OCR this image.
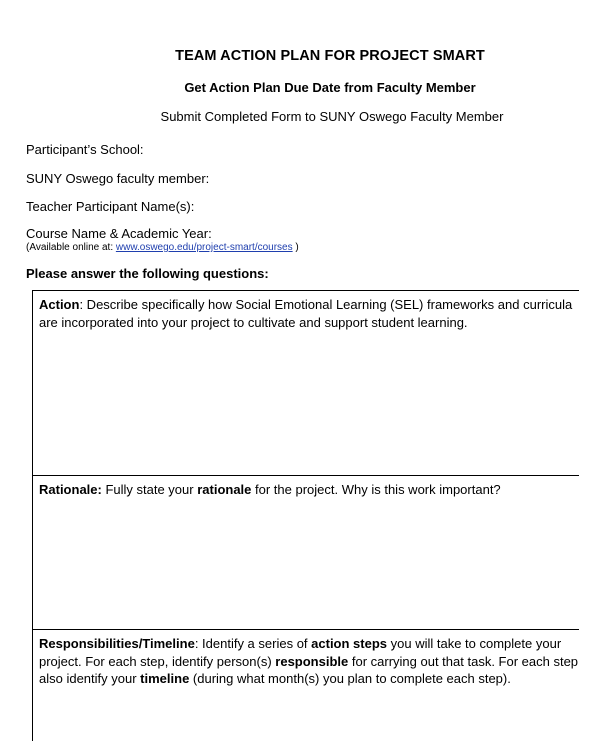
TEAM ACTION PLAN FOR PROJECT SMART
Get Action Plan Due Date from Faculty Member
Submit Completed Form to SUNY Oswego Faculty Member
Participant’s School:
SUNY Oswego faculty member:
Teacher Participant Name(s):
Course Name & Academic Year:
(Available online at: www.oswego.edu/project-smart/courses )
Please answer the following questions:
Action: Describe specifically how Social Emotional Learning (SEL) frameworks and curricula are incorporated into your project to cultivate and support student learning.
Rationale: Fully state your rationale for the project. Why is this work important?
Responsibilities/Timeline: Identify a series of action steps you will take to complete your project. For each step, identify person(s) responsible for carrying out that task. For each step also identify your timeline (during what month(s) you plan to complete each step).
